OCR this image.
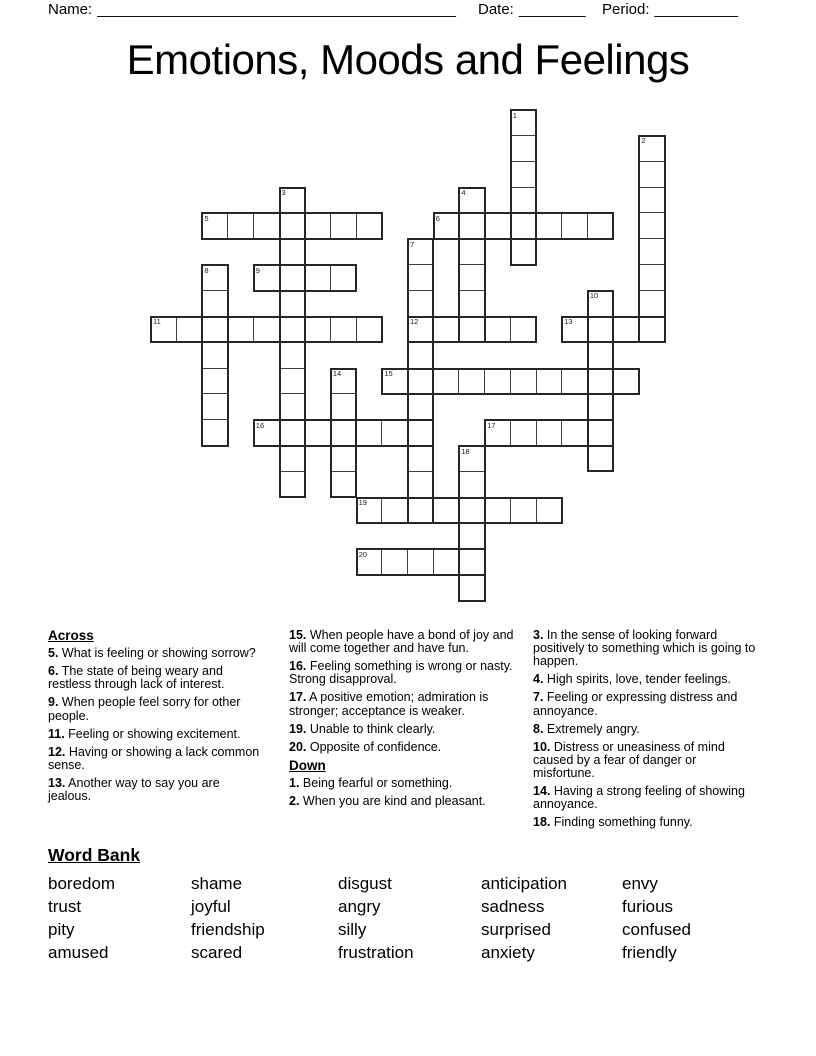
Name: ___________________________________________ Date: ________ Period: __________
Emotions, Moods and Feelings
1
2
3	4
5	6
7
8	9
10
11	12	13
14	15
16	17
18
19
20

Across

5. What is feeling or showing sorrow?

6. The state of being weary and restless through lack of interest.

9. When people feel sorry for other people.

11. Feeling or showing excitement.

12. Having or showing a lack common sense.

13. Another way to say you are jealous.

15. When people have a bond of joy and will come together and have fun.

16. Feeling something is wrong or nasty. Strong disapproval.

17. A positive emotion; admiration is stronger; acceptance is weaker.

19. Unable to think clearly.

20. Opposite of confidence.

Down

1. Being fearful or something.

2. When you are kind and pleasant.

3. In the sense of looking forward positively to something which is going to happen.

4. High spirits, love, tender feelings.

7. Feeling or expressing distress and annoyance.

8. Extremely angry.

10. Distress or uneasiness of mind caused by a fear of danger or misfortune.

14. Having a strong feeling of showing annoyance.

18. Finding something funny.

Word Bank
boredom
trust
pity
amused
shame
joyful
friendship
scared
disgust
angry
silly
frustration
anticipation
sadness
surprised
anxiety
envy
furious
confused
friendly
